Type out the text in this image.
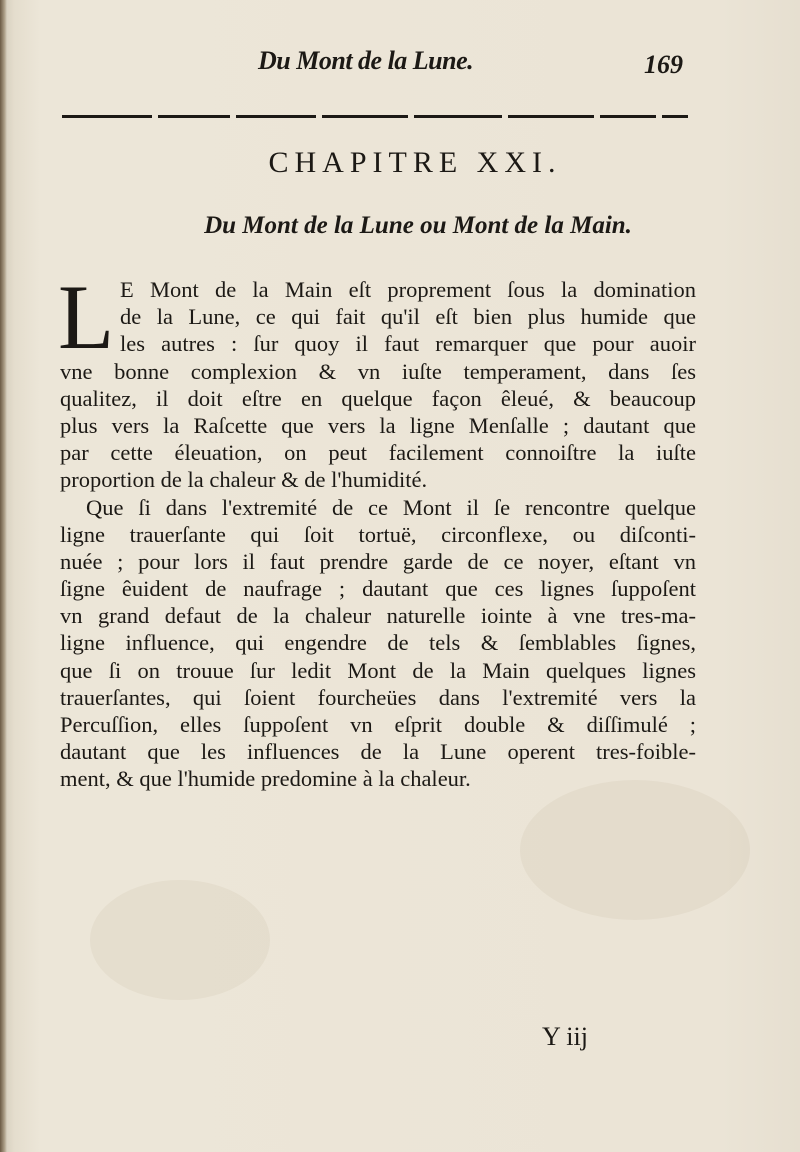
Du Mont de la Lune.	169
CHAPITRE XXI.
Du Mont de la Lune ou Mont de la Main.
L E Mont de la Main eſt proprement ſous la domination
de la Lune, ce qui fait qu'il eſt bien plus humide que
les autres : ſur quoy il faut remarquer que pour auoir
vne bonne complexion & vn iuſte temperament, dans ſes
qualitez, il doit eſtre en quelque façon êleué, & beaucoup
plus vers la Raſcette que vers la ligne Menſalle ; dautant que
par cette éleuation, on peut facilement connoiſtre la iuſte
proportion de la chaleur & de l'humidité.
Que ſi dans l'extremité de ce Mont il ſe rencontre quelque
ligne trauerſante qui ſoit tortuë, circonflexe, ou diſconti-
nuée ; pour lors il faut prendre garde de ce noyer, eſtant vn
ſigne êuident de naufrage ; dautant que ces lignes ſuppoſent
vn grand defaut de la chaleur naturelle iointe à vne tres-ma-
ligne influence, qui engendre de tels & ſemblables ſignes,
que ſi on trouue ſur ledit Mont de la Main quelques lignes
trauerſantes, qui ſoient fourcheües dans l'extremité vers la
Percuſſion, elles ſuppoſent vn eſprit double & diſſimulé ;
dautant que les influences de la Lune operent tres-foible-
ment, & que l'humide predomine à la chaleur.
Y iij
